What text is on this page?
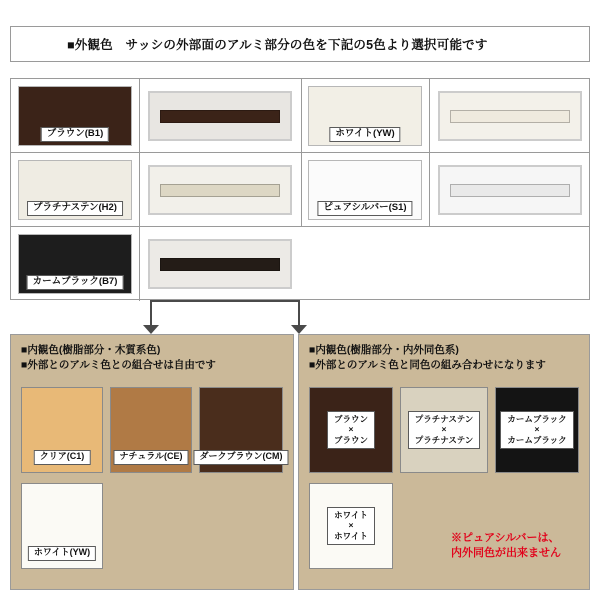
■外観色　サッシの外部面のアルミ部分の色を下記の5色より選択可能です
ブラウン(B1)	ホワイト(YW)
プラチナステン(H2)	ピュアシルバー(S1)
カームブラック(B7)
■内観色(樹脂部分・木質系色)
■外部とのアルミ色との組合せは自由です
クリア(C1)	ナチュラル(CE)	ダークブラウン(CM)
ホワイト(YW)
■内観色(樹脂部分・内外同色系)
■外部とのアルミ色と同色の組み合わせになります
ブラウン
×
ブラウン
プラチナステン
×
プラチナステン
カームブラック
×
カームブラック
ホワイト
×
ホワイト	※ピュアシルバーは、
内外同色が出来ません
